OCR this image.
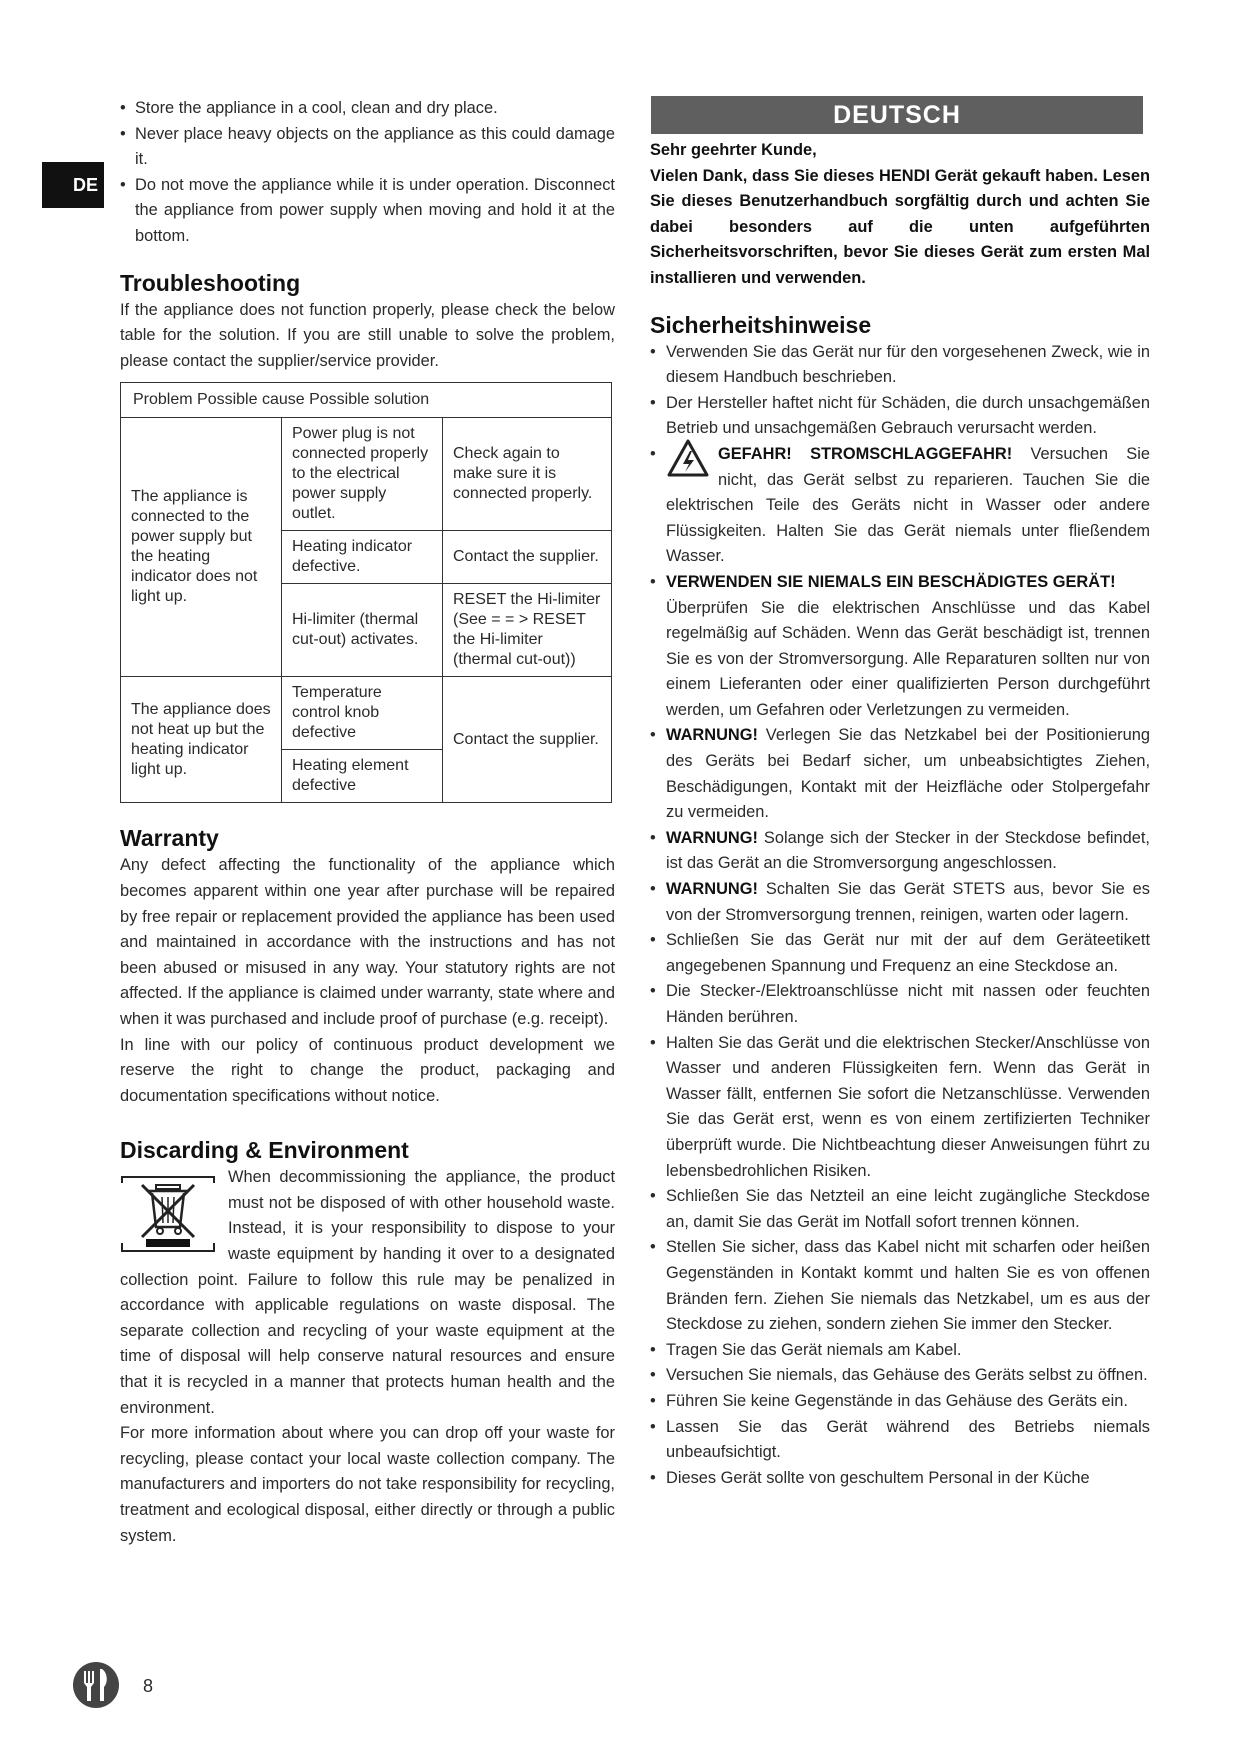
DE
• Store the appliance in a cool, clean and dry place.
• Never place heavy objects on the appliance as this could damage it.
• Do not move the appliance while it is under operation. Disconnect the appliance from power supply when moving and hold it at the bottom.
Troubleshooting

If the appliance does not function properly, please check the below table for the solution. If you are still unable to solve the problem, please contact the supplier/service provider.

Problem Possible cause Possible solution		
The appliance is connected to the power supply but the heating indicator does not light up.	Power plug is not connected properly to the electrical power supply outlet.	Check again to make sure it is connected properly.
	Heating indicator defective.	Contact the supplier.
	Hi-limiter (thermal cut-out) activates.	RESET the Hi-limiter (See = = > RESET the Hi-limiter (thermal cut-out))
The appliance does not heat up but the heating indicator light up.	Temperature control knob defective	Contact the supplier.
	Heating element defective	
Warranty

Any defect affecting the functionality of the appliance which becomes apparent within one year after purchase will be repaired by free repair or replacement provided the appliance has been used and maintained in accordance with the instructions and has not been abused or misused in any way. Your statutory rights are not affected. If the appliance is claimed under warranty, state where and when it was purchased and include proof of purchase (e.g. receipt).

In line with our policy of continuous product development we reserve the right to change the product, packaging and documentation specifications without notice.

Discarding & Environment

When decommissioning the appliance, the product must not be disposed of with other household waste. Instead, it is your responsibility to dispose to your waste equipment by handing it over to a designated collection point. Failure to follow this rule may be penalized in accordance with applicable regulations on waste disposal. The separate collection and recycling of your waste equipment at the time of disposal will help conserve natural resources and ensure that it is recycled in a manner that protects human health and the environment.

For more information about where you can drop off your waste for recycling, please contact your local waste collection company. The manufacturers and importers do not take responsibility for recycling, treatment and ecological disposal, either directly or through a public system.

DEUTSCH

Sehr geehrter Kunde,

Vielen Dank, dass Sie dieses HENDI Gerät gekauft haben. Lesen Sie dieses Benutzerhandbuch sorgfältig durch und achten Sie dabei besonders auf die unten aufgeführten Sicherheitsvorschriften, bevor Sie dieses Gerät zum ersten Mal installieren und verwenden.

Sicherheitshinweise
• Verwenden Sie das Gerät nur für den vorgesehenen Zweck, wie in diesem Handbuch beschrieben.
• Der Hersteller haftet nicht für Schäden, die durch unsachgemäßen Betrieb und unsachgemäßen Gebrauch verursacht werden.
• GEFAHR! STROMSCHLAGGEFAHR! Versuchen Sie nicht, das Gerät selbst zu reparieren. Tauchen Sie die elektrischen Teile des Geräts nicht in Wasser oder andere Flüssigkeiten. Halten Sie das Gerät niemals unter fließendem Wasser.
• VERWENDEN SIE NIEMALS EIN BESCHÄDIGTES GERÄT!
Überprüfen Sie die elektrischen Anschlüsse und das Kabel regelmäßig auf Schäden. Wenn das Gerät beschädigt ist, trennen Sie es von der Stromversorgung. Alle Reparaturen sollten nur von einem Lieferanten oder einer qualifizierten Person durchgeführt werden, um Gefahren oder Verletzungen zu vermeiden.
• WARNUNG! Verlegen Sie das Netzkabel bei der Positionierung des Geräts bei Bedarf sicher, um unbeabsichtigtes Ziehen, Beschädigungen, Kontakt mit der Heizfläche oder Stolpergefahr zu vermeiden.
• WARNUNG! Solange sich der Stecker in der Steckdose befindet, ist das Gerät an die Stromversorgung angeschlossen.
• WARNUNG! Schalten Sie das Gerät STETS aus, bevor Sie es von der Stromversorgung trennen, reinigen, warten oder lagern.
• Schließen Sie das Gerät nur mit der auf dem Geräteetikett angegebenen Spannung und Frequenz an eine Steckdose an.
• Die Stecker-/Elektroanschlüsse nicht mit nassen oder feuchten Händen berühren.
• Halten Sie das Gerät und die elektrischen Stecker/Anschlüsse von Wasser und anderen Flüssigkeiten fern. Wenn das Gerät in Wasser fällt, entfernen Sie sofort die Netzanschlüsse. Verwenden Sie das Gerät erst, wenn es von einem zertifizierten Techniker überprüft wurde. Die Nichtbeachtung dieser Anweisungen führt zu lebensbedrohlichen Risiken.
• Schließen Sie das Netzteil an eine leicht zugängliche Steckdose an, damit Sie das Gerät im Notfall sofort trennen können.
• Stellen Sie sicher, dass das Kabel nicht mit scharfen oder heißen Gegenständen in Kontakt kommt und halten Sie es von offenen Bränden fern. Ziehen Sie niemals das Netzkabel, um es aus der Steckdose zu ziehen, sondern ziehen Sie immer den Stecker.
• Tragen Sie das Gerät niemals am Kabel.
• Versuchen Sie niemals, das Gehäuse des Geräts selbst zu öffnen.
• Führen Sie keine Gegenstände in das Gehäuse des Geräts ein.
• Lassen Sie das Gerät während des Betriebs niemals unbeaufsichtigt.
• Dieses Gerät sollte von geschultem Personal in der Küche
8
